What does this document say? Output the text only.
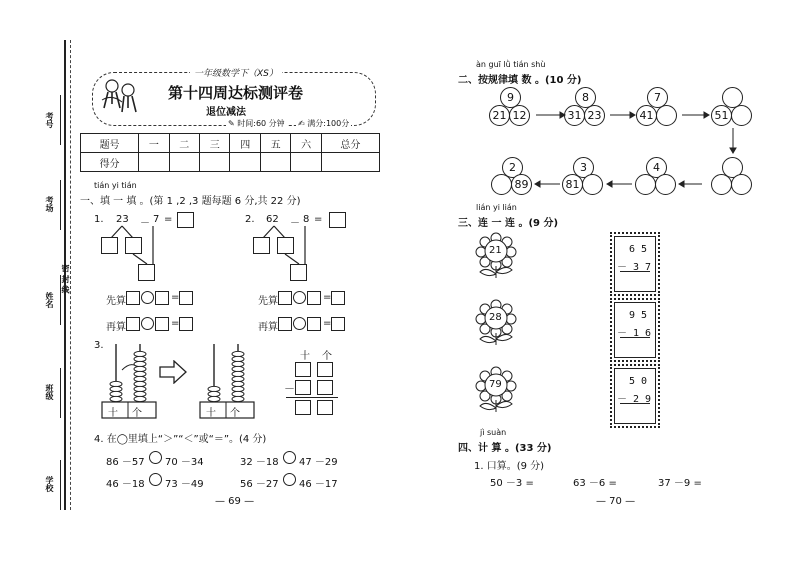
考号
考场
姓名
密 封 线
班级
学校
一年级数学下（XS）
第十四周达标测评卷
退位减法
✎ 时间:60 分钟 ✍ 满分:100分
题号	一	二	三	四	五	六	总分
得分							
tián yi tián
一、填 一 填 。(第 1 ,2 ,3 题每题 6 分,共 22 分)
1. 23 － 7 =	2. 62 － 8 =
先算	=
再算	=
先算	=
再算	=
3.
十 个	十 个
十 个
－
4. 在◯里填上“＞”“＜”或“＝”。(4 分)
86 －57 70 －34	32 －18 47 －29
46 －18 73 －49	56 －27 46 －17
— 69 —
àn guī lǜ tián shù
二、按规律填 数 。(10 分)
9
21 12
8
31 23
7
41	51
4
3
81
2
89
lián yi lián
三、连 一 连 。(9 分)
21
28
79
6 5
－ 3 7
9 5
－ 1 6
5 0
－ 2 9
jì suàn
四、计 算 。(33 分)
1. 口算。(9 分)
50 －3 =	63 －6 =	37 －9 =
— 70 —
